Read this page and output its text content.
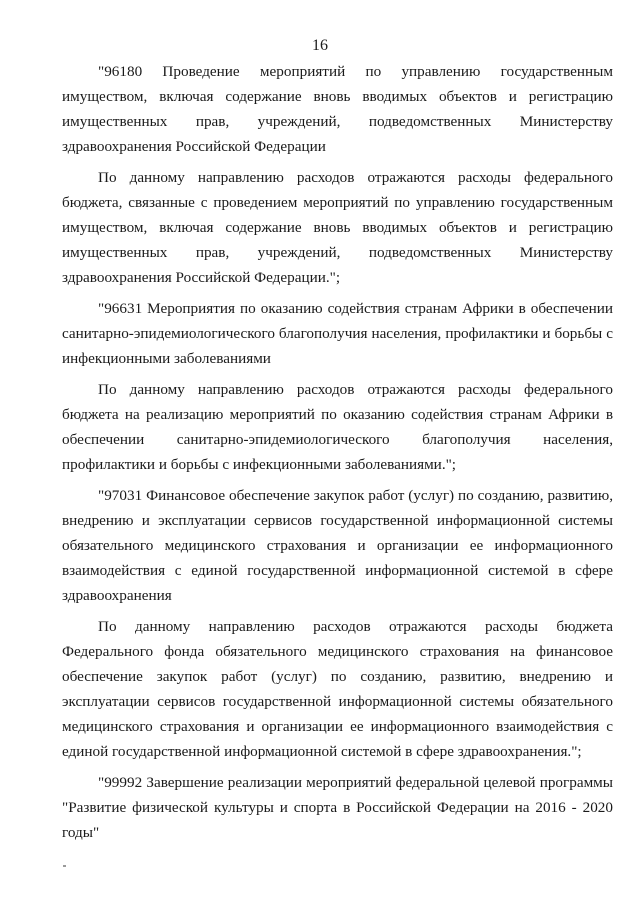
16

"96180 Проведение мероприятий по управлению государственным имуществом, включая содержание вновь вводимых объектов и регистрацию имущественных прав, учреждений, подведомственных Министерству здравоохранения Российской Федерации

По данному направлению расходов отражаются расходы федерального бюджета, связанные с проведением мероприятий по управлению государственным имуществом, включая содержание вновь вводимых объектов и регистрацию имущественных прав, учреждений, подведомственных Министерству здравоохранения Российской Федерации.";

"96631 Мероприятия по оказанию содействия странам Африки в обеспечении санитарно-эпидемиологического благополучия населения, профилактики и борьбы с инфекционными заболеваниями

По данному направлению расходов отражаются расходы федерального бюджета на реализацию мероприятий по оказанию содействия странам Африки в обеспечении санитарно-эпидемиологического благополучия населения, профилактики и борьбы с инфекционными заболеваниями.";

"97031 Финансовое обеспечение закупок работ (услуг) по созданию, развитию, внедрению и эксплуатации сервисов государственной информационной системы обязательного медицинского страхования и организации ее информационного взаимодействия с единой государственной информационной системой в сфере здравоохранения

По данному направлению расходов отражаются расходы бюджета Федерального фонда обязательного медицинского страхования на финансовое обеспечение закупок работ (услуг) по созданию, развитию, внедрению и эксплуатации сервисов государственной информационной системы обязательного медицинского страхования и организации ее информационного взаимодействия с единой государственной информационной системой в сфере здравоохранения.";

"99992 Завершение реализации мероприятий федеральной целевой программы "Развитие физической культуры и спорта в Российской Федерации на 2016 - 2020 годы"
